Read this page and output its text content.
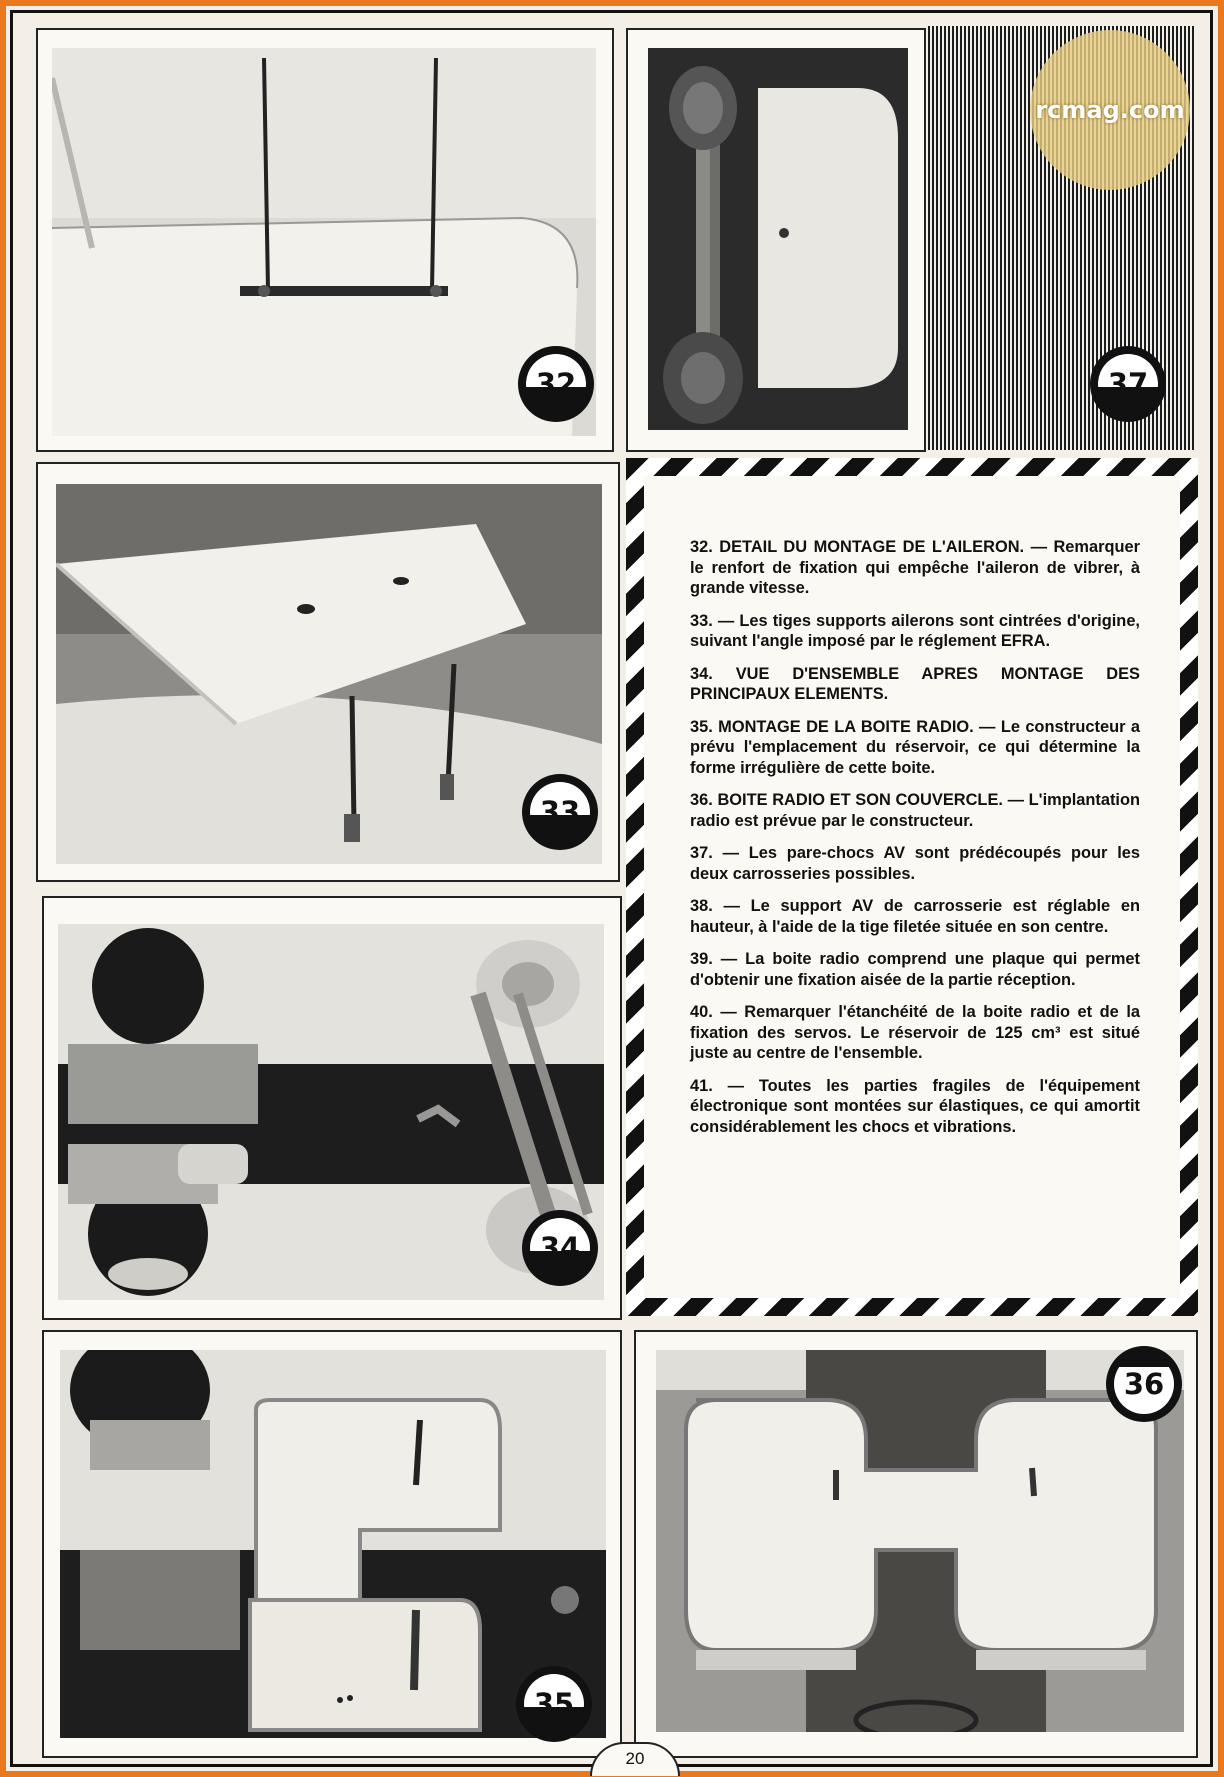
32
rcmag.com
37
33
34

32. DETAIL DU MONTAGE DE L'AILERON. — Remarquer le renfort de fixation qui empêche l'aileron de vibrer, à grande vitesse.

33. — Les tiges supports ailerons sont cintrées d'origine, suivant l'angle imposé par le réglement EFRA.

34. VUE D'ENSEMBLE APRES MONTAGE DES PRINCIPAUX ELEMENTS.

35. MONTAGE DE LA BOITE RADIO. — Le constructeur a prévu l'emplacement du réservoir, ce qui détermine la forme irrégulière de cette boite.

36. BOITE RADIO ET SON COUVERCLE. — L'implantation radio est prévue par le constructeur.

37. — Les pare-chocs AV sont prédécoupés pour les deux carrosseries possibles.

38. — Le support AV de carrosserie est réglable en hauteur, à l'aide de la tige filetée située en son centre.

39. — La boite radio comprend une plaque qui permet d'obtenir une fixation aisée de la partie réception.

40. — Remarquer l'étanchéité de la boite radio et de la fixation des servos. Le réservoir de 125 cm³ est situé juste au centre de l'ensemble.

41. — Toutes les parties fragiles de l'équipement électronique sont montées sur élastiques, ce qui amortit considérablement les chocs et vibrations.

35
36
20
